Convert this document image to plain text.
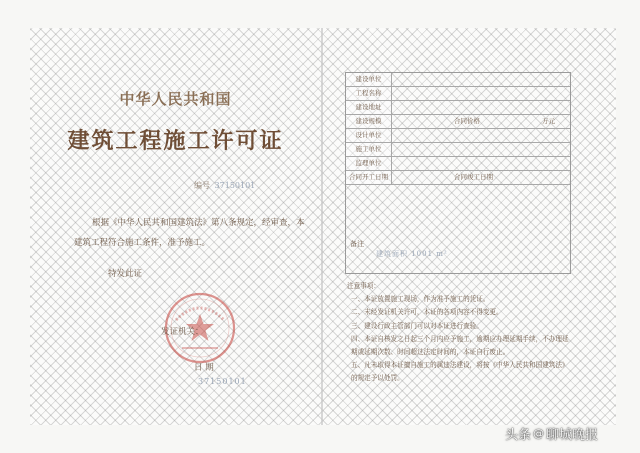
中华人民共和国
建筑工程施工许可证
编号 37150101
根据《中华人民共和国建筑法》第八条规定，经审查，本建筑工程符合施工条件，准予施工。
特发此证
发证机关：
日 期
37150101
建设单位
工程名称
建设地址
建设规模	合同价格	万元
设计单位
施工单位
监理单位
合同开工日期	合同竣工日期
备注
建筑面积 1001 m²
注意事项：
一、本证放置施工现场，作为准予施工的凭证。
二、未经发证机关许可，本证的各项内容不得变更。
三、建设行政主管部门可以对本证进行查验。
四、本证自核发之日起三个月内应予施工，逾期应办理延期手续，不办理延期或延期次数、时间超过法定时间的，本证自行废止。
五、凡未取得本证擅自施工的属违法建设，将按《中华人民共和国建筑法》的规定予以处罚。
头条 @ 聊城晚报
